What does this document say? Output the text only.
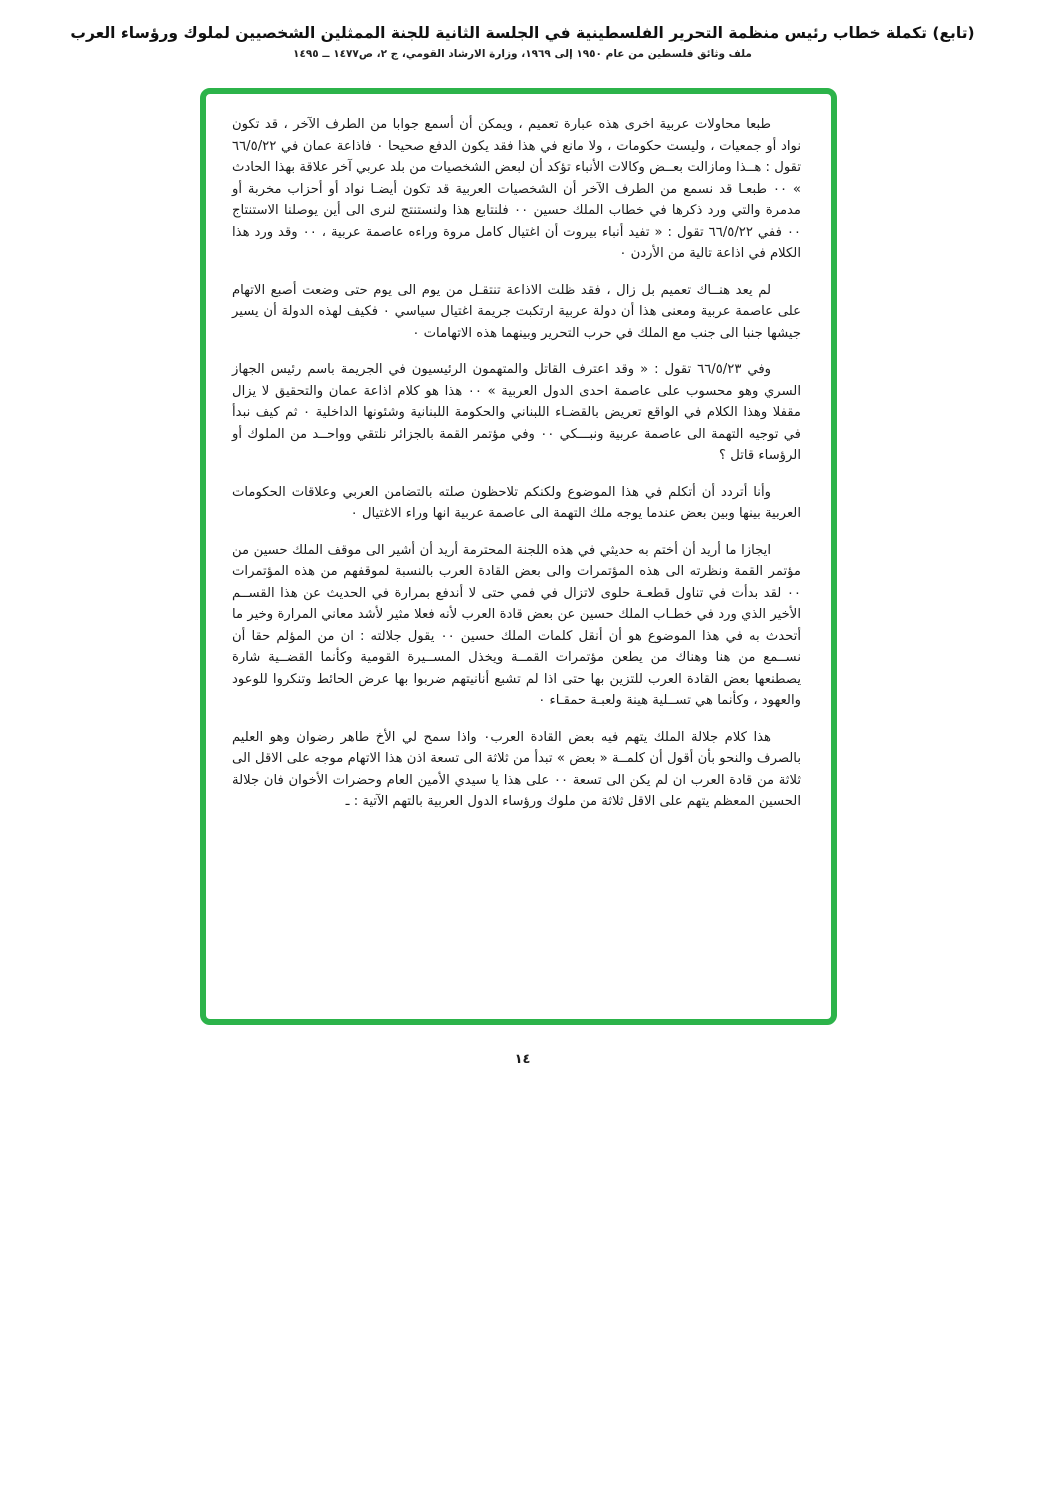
(تابع) تكملة خطاب رئيس منظمة التحرير الفلسطينية في الجلسة الثانية للجنة الممثلين الشخصيين لملوك ورؤساء العرب
ملف وثائق فلسطين من عام ١٩٥٠ إلى ١٩٦٩، وزارة الارشاد القومي، ج ٢، ص١٤٧٧ ــ ١٤٩٥

طبعا محاولات عربية اخرى هذه عبارة تعميم ، ويمكن أن أسمع جوابا من الطرف الآخر ، قد تكون نواد أو جمعيات ، وليست حكومات ، ولا مانع في هذا فقد يكون الدفع صحيحا ٠ فاذاعة عمان في ٦٦/٥/٢٢ تقول : هــذا ومازالت بعــض وكالات الأنباء تؤكد أن لبعض الشخصيات من بلد عربي آخر علاقة بهذا الحادث » ٠٠ طبعـا قد نسمع من الطرف الآخر أن الشخصيات العربية قد تكون أيضـا نواد أو أحزاب مخربة أو مدمرة والتي ورد ذكرها في خطاب الملك حسين ٠٠ فلنتابع هذا ولنستنتج لنرى الى أين يوصلنا الاستنتاج ٠٠ ففي ٦٦/٥/٢٢ تقول : « تفيد أنباء بيروت أن اغتيال كامل مروة وراءه عاصمة عربية ، ٠٠ وقد ورد هذا الكلام في اذاعة تالية من الأردن ٠

لم يعد هنــاك تعميم بل زال ، فقد ظلت الاذاعة تنتقـل من يوم الى يوم حتى وضعت أصبع الاتهام على عاصمة عربية ومعنى هذا أن دولة عربية ارتكبت جريمة اغتيال سياسي ٠ فكيف لهذه الدولة أن يسير جيشها جنبا الى جنب مع الملك في حرب التحرير وبينهما هذه الاتهامات ٠

وفي ٦٦/٥/٢٣ تقول : « وقد اعترف القاتل والمتهمون الرئيسيون في الجريمة باسم رئيس الجهاز السري وهو محسوب على عاصمة احدى الدول العربية » ٠٠ هذا هو كلام اذاعة عمان والتحقيق لا يزال مقفلا وهذا الكلام في الواقع تعريض بالقضـاء اللبناني والحكومة اللبنانية وشئونها الداخلية ٠ ثم كيف نبدأ في توجيه التهمة الى عاصمة عربية ونبـــكي ٠٠ وفي مؤتمر القمة بالجزائر نلتقي وواحــد من الملوك أو الرؤساء قاتل ؟

وأنا أتردد أن أتكلم في هذا الموضوع ولكنكم تلاحظون صلته بالتضامن العربي وعلاقات الحكومات العربية بينها وبين بعض عندما يوجه ملك التهمة الى عاصمة عربية انها وراء الاغتيال ٠

ايجازا ما أريد أن أختم به حديثي في هذه اللجنة المحترمة أريد أن أشير الى موقف الملك حسين من مؤتمر القمة ونظرته الى هذه المؤتمرات والى بعض القادة العرب بالنسبة لموقفهم من هذه المؤتمرات ٠٠ لقد بدأت في تناول قطعـة حلوى لاتزال في فمي حتى لا أندفع بمرارة في الحديث عن هذا القســم الأخير الذي ورد في خطـاب الملك حسين عن بعض قادة العرب لأنه فعلا مثير لأشد معاني المرارة وخير ما أتحدث به في هذا الموضوع هو أن أنقل كلمات الملك حسين ٠٠ يقول جلالته : ان من المؤلم حقا أن نســمع من هنا وهناك من يطعن مؤتمرات القمــة ويخذل المســيرة القومية وكأنما القضــية شارة يصطنعها بعض القادة العرب للتزين بها حتى اذا لم تشبع أنانيتهم ضربوا بها عرض الحائط وتنكروا للوعود والعهود ، وكأنما هي تســلية هينة ولعبـة حمقـاء ٠

هذا كلام جلالة الملك يتهم فيه بعض القادة العرب٠ واذا سمح لي الأخ طاهر رضوان وهو العليم بالصرف والنحو بأن أقول أن كلمــة « بعض » تبدأ من ثلاثة الى تسعة اذن هذا الاتهام موجه على الاقل الى ثلاثة من قادة العرب ان لم يكن الى تسعة ٠٠ على هذا يا سيدي الأمين العام وحضرات الأخوان فان جلالة الحسين المعظم يتهم على الاقل ثلاثة من ملوك ورؤساء الدول العربية بالتهم الآتية : ـ

١٤
